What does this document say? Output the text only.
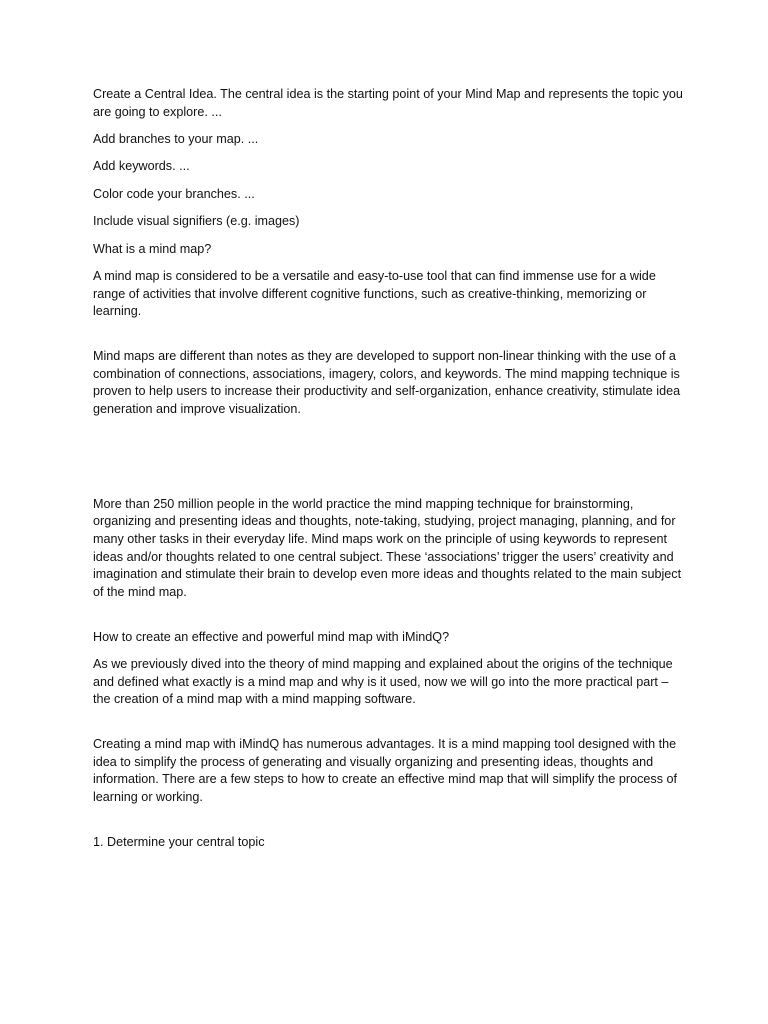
Create a Central Idea. The central idea is the starting point of your Mind Map and represents the topic you are going to explore. ...

Add branches to your map. ...

Add keywords. ...

Color code your branches. ...

Include visual signifiers (e.g. images)

What is a mind map?

A mind map is considered to be a versatile and easy-to-use tool that can find immense use for a wide range of activities that involve different cognitive functions, such as creative-thinking, memorizing or learning.

Mind maps are different than notes as they are developed to support non-linear thinking with the use of a combination of connections, associations, imagery, colors, and keywords. The mind mapping technique is proven to help users to increase their productivity and self-organization, enhance creativity, stimulate idea generation and improve visualization.

More than 250 million people in the world practice the mind mapping technique for brainstorming, organizing and presenting ideas and thoughts, note-taking, studying, project managing, planning, and for many other tasks in their everyday life. Mind maps work on the principle of using keywords to represent ideas and/or thoughts related to one central subject. These ‘associations’ trigger the users’ creativity and imagination and stimulate their brain to develop even more ideas and thoughts related to the main subject of the mind map.

How to create an effective and powerful mind map with iMindQ?

As we previously dived into the theory of mind mapping and explained about the origins of the technique and defined what exactly is a mind map and why is it used, now we will go into the more practical part – the creation of a mind map with a mind mapping software.

Creating a mind map with iMindQ has numerous advantages. It is a mind mapping tool designed with the idea to simplify the process of generating and visually organizing and presenting ideas, thoughts and information. There are a few steps to how to create an effective mind map that will simplify the process of learning or working.

1. Determine your central topic
